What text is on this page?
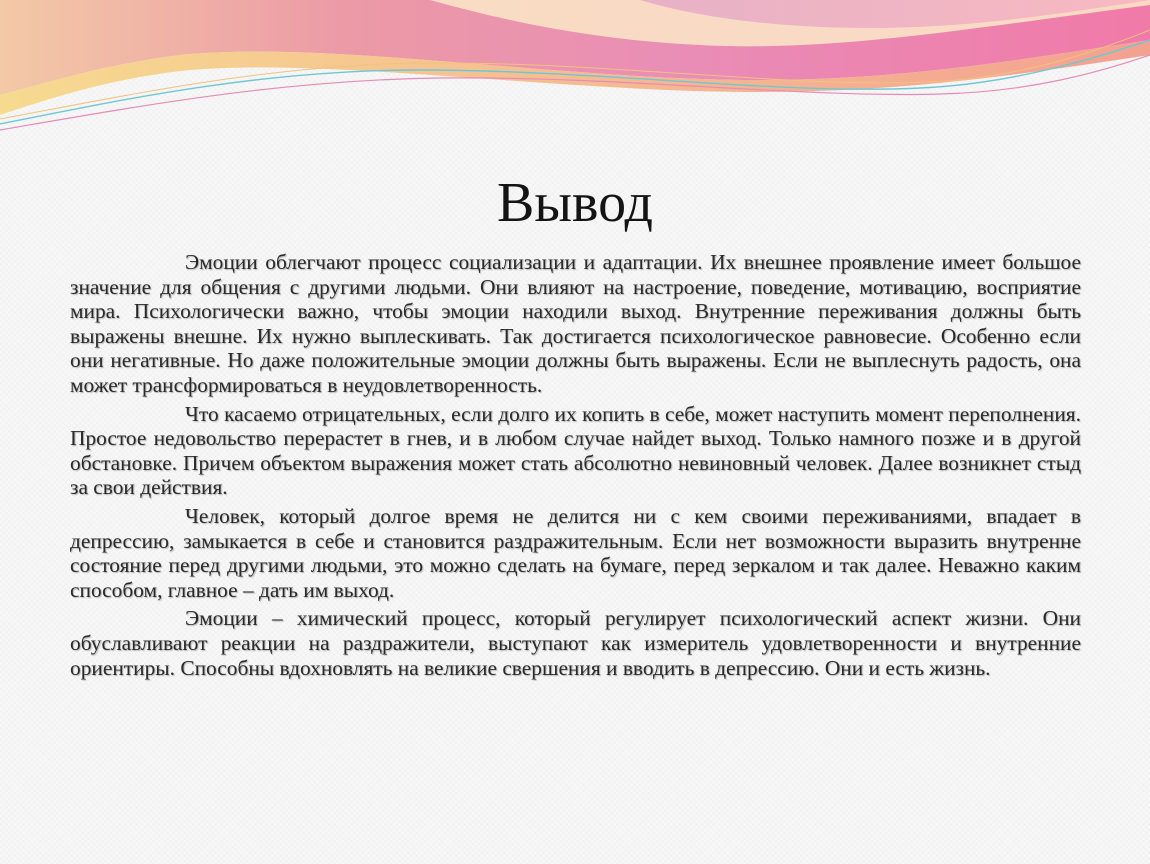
Вывод

Эмоции облегчают процесс социализации и адаптации. Их внешнее проявление имеет большое значение для общения с другими людьми. Они влияют на настроение, поведение, мотивацию, восприятие мира. Психологически важно, чтобы эмоции находили выход. Внутренние переживания должны быть выражены внешне. Их нужно выплескивать. Так достигается психологическое равновесие. Особенно если они негативные. Но даже положительные эмоции должны быть выражены. Если не выплеснуть радость, она может трансформироваться в неудовлетворенность.

Что касаемо отрицательных, если долго их копить в себе, может наступить момент переполнения. Простое недовольство перерастет в гнев, и в любом случае найдет выход. Только намного позже и в другой обстановке. Причем объектом выражения может стать абсолютно невиновный человек. Далее возникнет стыд за свои действия.

Человек, который долгое время не делится ни с кем своими переживаниями, впадает в депрессию, замыкается в себе и становится раздражительным. Если нет возможности выразить внутренне состояние перед другими людьми, это можно сделать на бумаге, перед зеркалом и так далее. Неважно каким способом, главное – дать им выход.

Эмоции – химический процесс, который регулирует психологический аспект жизни. Они обуславливают реакции на раздражители, выступают как измеритель удовлетворенности и внутренние ориентиры. Способны вдохновлять на великие свершения и вводить в депрессию. Они и есть жизнь.
